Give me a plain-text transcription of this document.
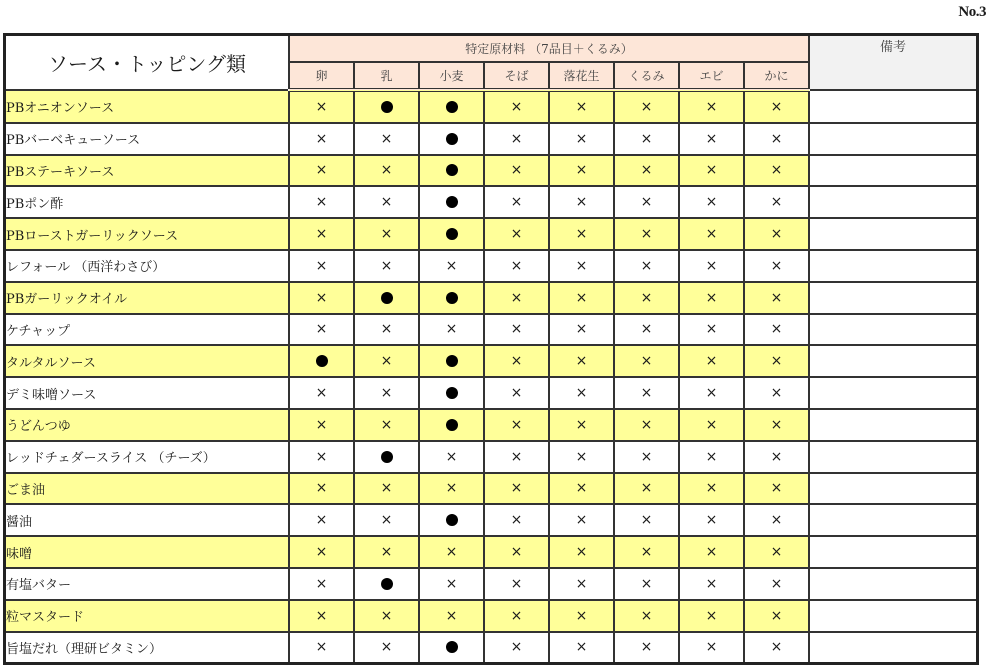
No.3
ソース・トッピング類	特定原材料 （7品目＋くるみ）								備考
	卵	乳	小麦	そば	落花生	くるみ	エビ	かに	
PBオニオンソース	×			×	×	×	×	×	
PBバーベキューソース	×	×		×	×	×	×	×	
PBステーキソース	×	×		×	×	×	×	×	
PBポン酢	×	×		×	×	×	×	×	
PBローストガーリックソース	×	×		×	×	×	×	×	
レフォール （西洋わさび）	×	×	×	×	×	×	×	×	
PBガーリックオイル	×			×	×	×	×	×	
ケチャップ	×	×	×	×	×	×	×	×	
タルタルソース		×		×	×	×	×	×	
デミ味噌ソース	×	×		×	×	×	×	×	
うどんつゆ	×	×		×	×	×	×	×	
レッドチェダースライス （チーズ）	×		×	×	×	×	×	×	
ごま油	×	×	×	×	×	×	×	×	
醤油	×	×		×	×	×	×	×	
味噌	×	×	×	×	×	×	×	×	
有塩バター	×		×	×	×	×	×	×	
粒マスタード	×	×	×	×	×	×	×	×	
旨塩だれ（理研ビタミン）	×	×		×	×	×	×	×	
